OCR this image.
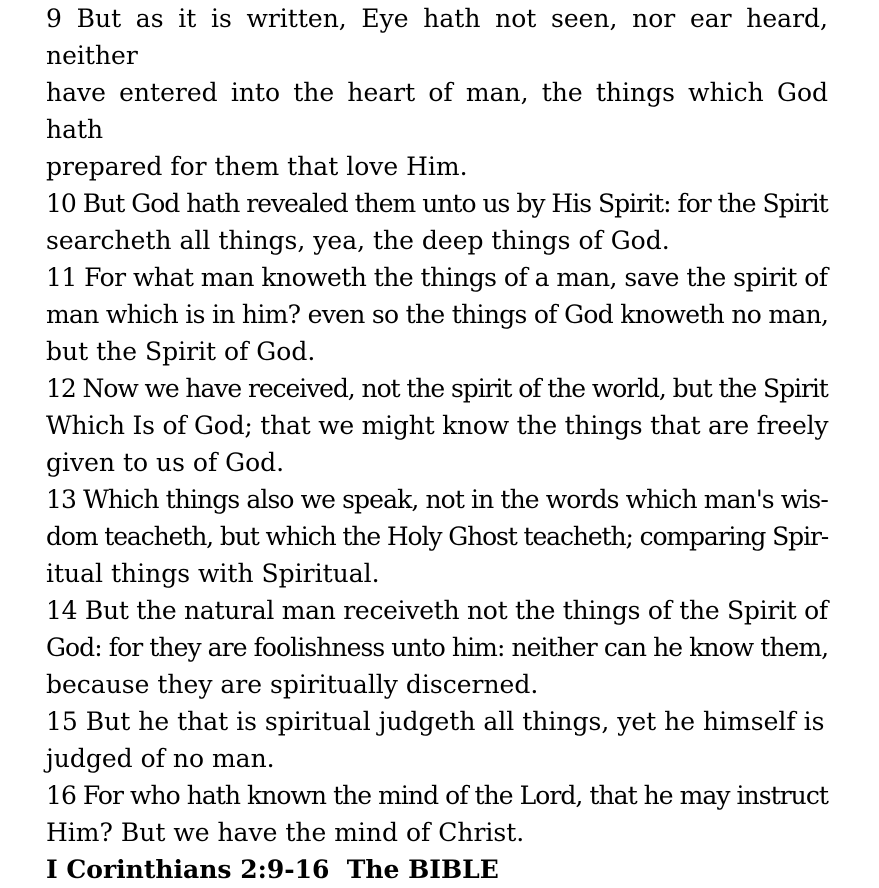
9 But as it is written, Eye hath not seen, nor ear heard, neither
have entered into the heart of man, the things which God hath
prepared for them that love Him.
10 But God hath revealed them unto us by His Spirit: for the Spirit
searcheth all things, yea, the deep things of God.
11 For what man knoweth the things of a man, save the spirit of
man which is in him? even so the things of God knoweth no man,
but the Spirit of God.
12 Now we have received, not the spirit of the world, but the Spirit
Which Is of God; that we might know the things that are freely
given to us of God.
13 Which things also we speak, not in the words which man's wis-
dom teacheth, but which the Holy Ghost teacheth; comparing Spir-
itual things with Spiritual.
14 But the natural man receiveth not the things of the Spirit of
God: for they are foolishness unto him: neither can he know them,
because they are spiritually discerned.
15 But he that is spiritual judgeth all things, yet he himself is
judged of no man.
16 For who hath known the mind of the Lord, that he may instruct
Him? But we have the mind of Christ.

I Corinthians 2:9-16  The BIBLE
